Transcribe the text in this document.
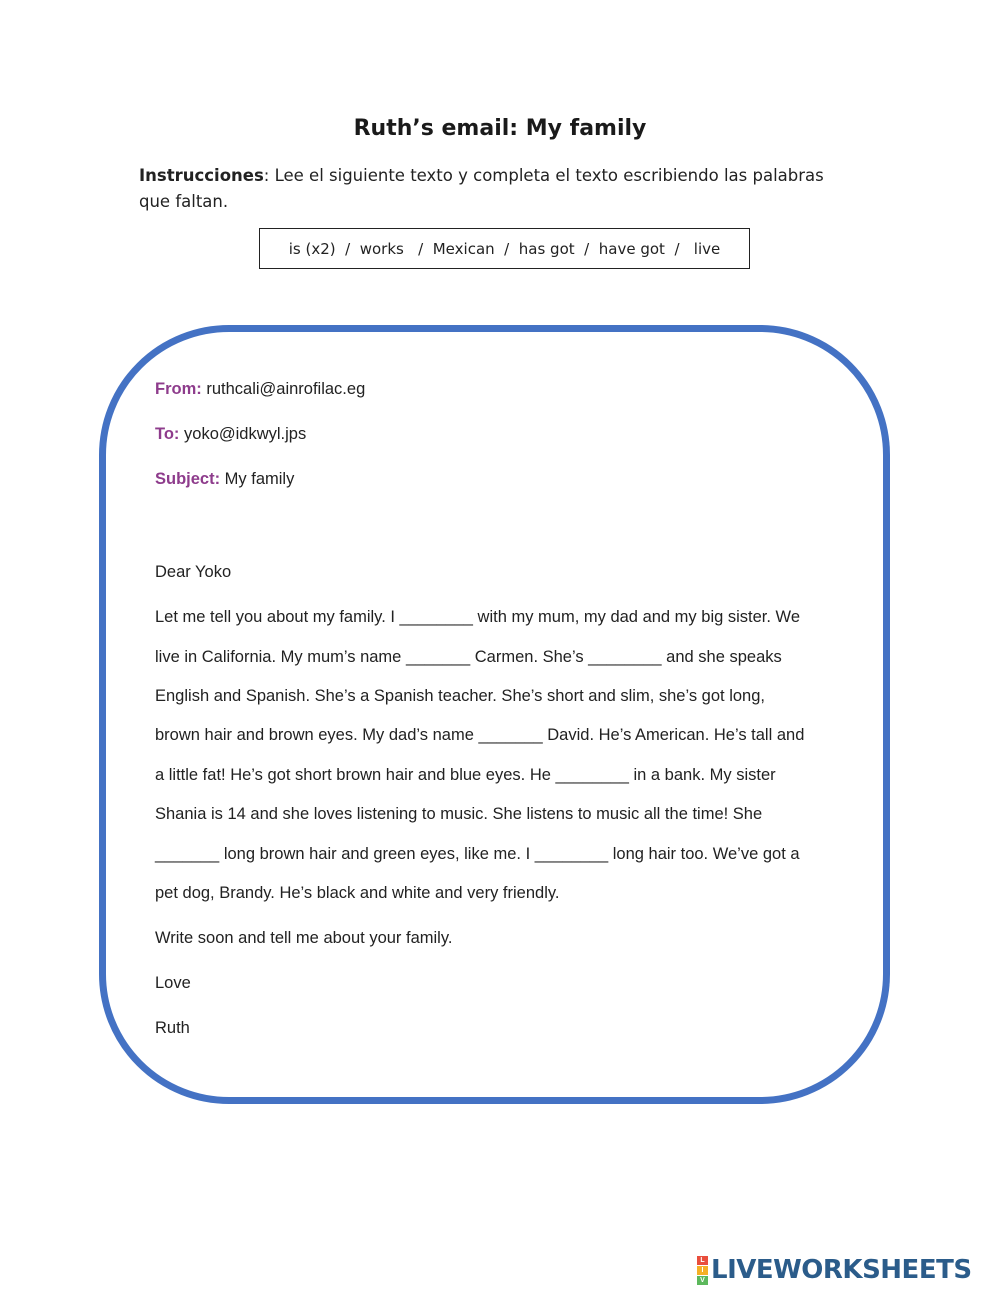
Ruth’s email: My family
Instrucciones: Lee el siguiente texto y completa el texto escribiendo las palabras que faltan.
is (x2)  /  works   /  Mexican  /  has got  /  have got  /   live
From: ruthcali@ainrofilac.eg
To: yoko@idkwyl.jps
Subject: My family
Dear Yoko
Let me tell you about my family. I ________ with my mum, my dad and my big sister. We
live in California. My mum’s name _______ Carmen. She’s ________ and she speaks
English and Spanish. She’s a Spanish teacher. She’s short and slim, she’s got long,
brown hair and brown eyes. My dad’s name _______ David. He’s American. He’s tall and
a little fat! He’s got short brown hair and blue eyes. He ________ in a bank. My sister
Shania is 14 and she loves listening to music. She listens to music all the time! She
_______ long brown hair and green eyes, like me. I ________ long hair too. We’ve got a
pet dog, Brandy. He’s black and white and very friendly.
Write soon and tell me about your family.
Love
Ruth
L
I
V LIVEWORKSHEETS
